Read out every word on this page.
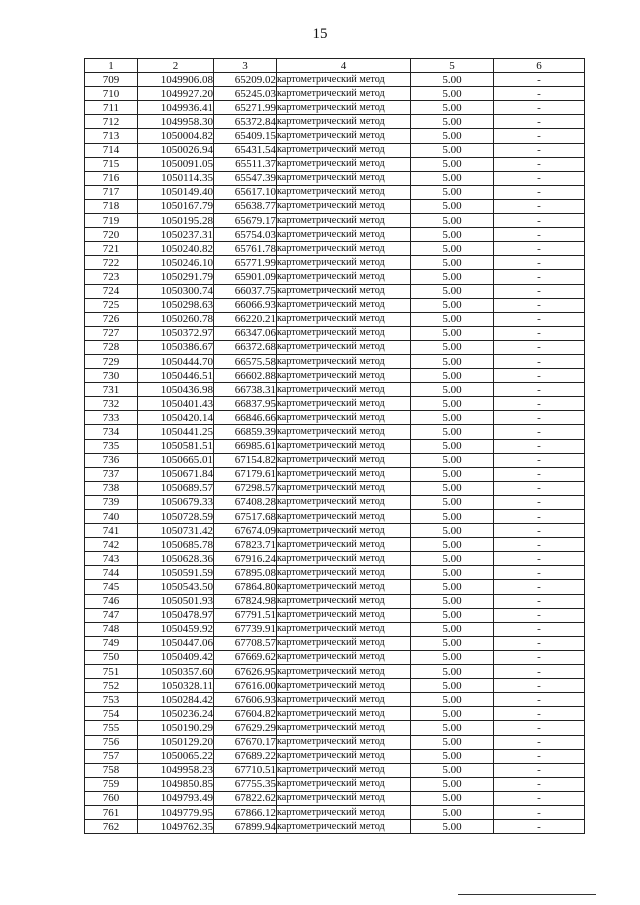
15
1	2	3	4	5	6
709	1049906.08	65209.02	картометрический метод	5.00	-
710	1049927.20	65245.03	картометрический метод	5.00	-
711	1049936.41	65271.99	картометрический метод	5.00	-
712	1049958.30	65372.84	картометрический метод	5.00	-
713	1050004.82	65409.15	картометрический метод	5.00	-
714	1050026.94	65431.54	картометрический метод	5.00	-
715	1050091.05	65511.37	картометрический метод	5.00	-
716	1050114.35	65547.39	картометрический метод	5.00	-
717	1050149.40	65617.10	картометрический метод	5.00	-
718	1050167.79	65638.77	картометрический метод	5.00	-
719	1050195.28	65679.17	картометрический метод	5.00	-
720	1050237.31	65754.03	картометрический метод	5.00	-
721	1050240.82	65761.78	картометрический метод	5.00	-
722	1050246.10	65771.99	картометрический метод	5.00	-
723	1050291.79	65901.09	картометрический метод	5.00	-
724	1050300.74	66037.75	картометрический метод	5.00	-
725	1050298.63	66066.93	картометрический метод	5.00	-
726	1050260.78	66220.21	картометрический метод	5.00	-
727	1050372.97	66347.06	картометрический метод	5.00	-
728	1050386.67	66372.68	картометрический метод	5.00	-
729	1050444.70	66575.58	картометрический метод	5.00	-
730	1050446.51	66602.88	картометрический метод	5.00	-
731	1050436.98	66738.31	картометрический метод	5.00	-
732	1050401.43	66837.95	картометрический метод	5.00	-
733	1050420.14	66846.66	картометрический метод	5.00	-
734	1050441.25	66859.39	картометрический метод	5.00	-
735	1050581.51	66985.61	картометрический метод	5.00	-
736	1050665.01	67154.82	картометрический метод	5.00	-
737	1050671.84	67179.61	картометрический метод	5.00	-
738	1050689.57	67298.57	картометрический метод	5.00	-
739	1050679.33	67408.28	картометрический метод	5.00	-
740	1050728.59	67517.68	картометрический метод	5.00	-
741	1050731.42	67674.09	картометрический метод	5.00	-
742	1050685.78	67823.71	картометрический метод	5.00	-
743	1050628.36	67916.24	картометрический метод	5.00	-
744	1050591.59	67895.08	картометрический метод	5.00	-
745	1050543.50	67864.80	картометрический метод	5.00	-
746	1050501.93	67824.98	картометрический метод	5.00	-
747	1050478.97	67791.51	картометрический метод	5.00	-
748	1050459.92	67739.91	картометрический метод	5.00	-
749	1050447.06	67708.57	картометрический метод	5.00	-
750	1050409.42	67669.62	картометрический метод	5.00	-
751	1050357.60	67626.95	картометрический метод	5.00	-
752	1050328.11	67616.00	картометрический метод	5.00	-
753	1050284.42	67606.93	картометрический метод	5.00	-
754	1050236.24	67604.82	картометрический метод	5.00	-
755	1050190.29	67629.29	картометрический метод	5.00	-
756	1050129.20	67670.17	картометрический метод	5.00	-
757	1050065.22	67689.22	картометрический метод	5.00	-
758	1049958.23	67710.51	картометрический метод	5.00	-
759	1049850.85	67755.35	картометрический метод	5.00	-
760	1049793.49	67822.62	картометрический метод	5.00	-
761	1049779.95	67866.12	картометрический метод	5.00	-
762	1049762.35	67899.94	картометрический метод	5.00	-
